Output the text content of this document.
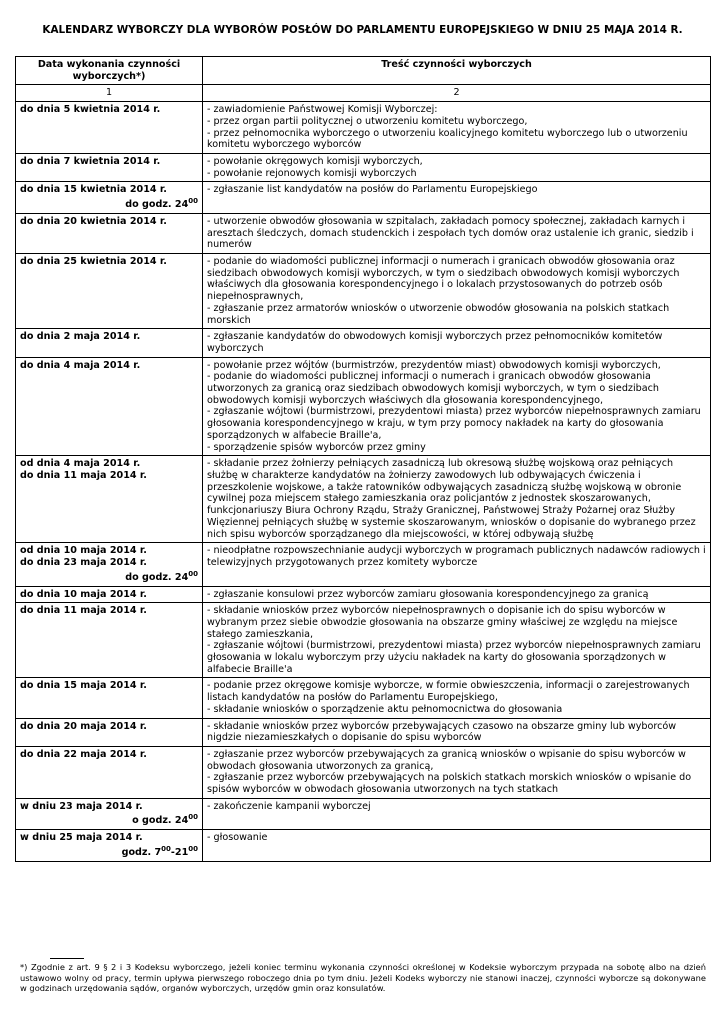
KALENDARZ WYBORCZY DLA WYBORÓW POSŁÓW DO PARLAMENTU EUROPEJSKIEGO W DNIU 25 MAJA 2014 R.
Data wykonania czynności wyborczych*)	Treść czynności wyborczych
1	2

do dnia 5 kwietnia 2014 r.	- zawiadomienie Państwowej Komisji Wyborczej:
- przez organ partii politycznej o utworzeniu komitetu wyborczego,
- przez pełnomocnika wyborczego o utworzeniu koalicyjnego komitetu wyborczego lub o utworzeniu komitetu wyborczego wyborców

do dnia 7 kwietnia 2014 r.	- powołanie okręgowych komisji wyborczych,
- powołanie rejonowych komisji wyborczych

do dnia 15 kwietnia 2014 r.
do godz. $24^{00}$	- zgłaszanie list kandydatów na posłów do Parlamentu Europejskiego

do dnia 20 kwietnia 2014 r.	- utworzenie obwodów głosowania w szpitalach, zakładach pomocy społecznej, zakładach karnych i aresztach śledczych, domach studenckich i zespołach tych domów oraz ustalenie ich granic, siedzib i numerów

do dnia 25 kwietnia 2014 r.	- podanie do wiadomości publicznej informacji o numerach i granicach obwodów głosowania oraz siedzibach obwodowych komisji wyborczych, w tym o siedzibach obwodowych komisji wyborczych właściwych dla głosowania korespondencyjnego i o lokalach przystosowanych do potrzeb osób niepełnosprawnych,
- zgłaszanie przez armatorów wniosków o utworzenie obwodów głosowania na polskich statkach morskich

do dnia 2 maja 2014 r.	- zgłaszanie kandydatów do obwodowych komisji wyborczych przez pełnomocników komitetów wyborczych

do dnia 4 maja 2014 r.	- powołanie przez wójtów (burmistrzów, prezydentów miast) obwodowych komisji wyborczych,
- podanie do wiadomości publicznej informacji o numerach i granicach obwodów głosowania utworzonych za granicą oraz siedzibach obwodowych komisji wyborczych, w tym o siedzibach obwodowych komisji wyborczych właściwych dla głosowania korespondencyjnego,
- zgłaszanie wójtowi (burmistrzowi, prezydentowi miasta) przez wyborców niepełnosprawnych zamiaru głosowania korespondencyjnego w kraju, w tym przy pomocy nakładek na karty do głosowania sporządzonych w alfabecie Braille'a,
- sporządzenie spisów wyborców przez gminy

od dnia 4 maja 2014 r.
do dnia 11 maja 2014 r.	- składanie przez żołnierzy pełniących zasadniczą lub okresową służbę wojskową oraz pełniących służbę w charakterze kandydatów na żołnierzy zawodowych lub odbywających ćwiczenia i przeszkolenie wojskowe, a także ratowników odbywających zasadniczą służbę wojskową w obronie cywilnej poza miejscem stałego zamieszkania oraz policjantów z jednostek skoszarowanych, funkcjonariuszy Biura Ochrony Rządu, Straży Granicznej, Państwowej Straży Pożarnej oraz Służby Więziennej pełniących służbę w systemie skoszarowanym, wniosków o dopisanie do wybranego przez nich spisu wyborców sporządzanego dla miejscowości, w której odbywają służbę

od dnia 10 maja 2014 r.
do dnia 23 maja 2014 r.
do godz. $24^{00}$	- nieodpłatne rozpowszechnianie audycji wyborczych w programach publicznych nadawców radiowych i telewizyjnych przygotowanych przez komitety wyborcze

do dnia 10 maja 2014 r.	- zgłaszanie konsulowi przez wyborców zamiaru głosowania korespondencyjnego za granicą

do dnia 11 maja 2014 r.	- składanie wniosków przez wyborców niepełnosprawnych o dopisanie ich do spisu wyborców w wybranym przez siebie obwodzie głosowania na obszarze gminy właściwej ze względu na miejsce stałego zamieszkania,
- zgłaszanie wójtowi (burmistrzowi, prezydentowi miasta) przez wyborców niepełnosprawnych zamiaru głosowania w lokalu wyborczym przy użyciu nakładek na karty do głosowania sporządzonych w alfabecie Braille'a

do dnia 15 maja 2014 r.	- podanie przez okręgowe komisje wyborcze, w formie obwieszczenia, informacji o zarejestrowanych listach kandydatów na posłów do Parlamentu Europejskiego,
- składanie wniosków o sporządzenie aktu pełnomocnictwa do głosowania

do dnia 20 maja 2014 r.	- składanie wniosków przez wyborców przebywających czasowo na obszarze gminy lub wyborców nigdzie niezamieszkałych o dopisanie do spisu wyborców

do dnia 22 maja 2014 r.	- zgłaszanie przez wyborców przebywających za granicą wniosków o wpisanie do spisu wyborców w obwodach głosowania utworzonych za granicą,
- zgłaszanie przez wyborców przebywających na polskich statkach morskich wniosków o wpisanie do spisów wyborców w obwodach głosowania utworzonych na tych statkach

w dniu 23 maja 2014 r.
o godz. $24^{00}$	- zakończenie kampanii wyborczej

w dniu 25 maja 2014 r.
godz. $7^{00}-21^{00}$	- głosowanie
*) Zgodnie z art. 9 § 2 i 3 Kodeksu wyborczego, jeżeli koniec terminu wykonania czynności określonej w Kodeksie wyborczym przypada na sobotę albo na dzień ustawowo wolny od pracy, termin upływa pierwszego roboczego dnia po tym dniu. Jeżeli Kodeks wyborczy nie stanowi inaczej, czynności wyborcze są dokonywane w godzinach urzędowania sądów, organów wyborczych, urzędów gmin oraz konsulatów.
